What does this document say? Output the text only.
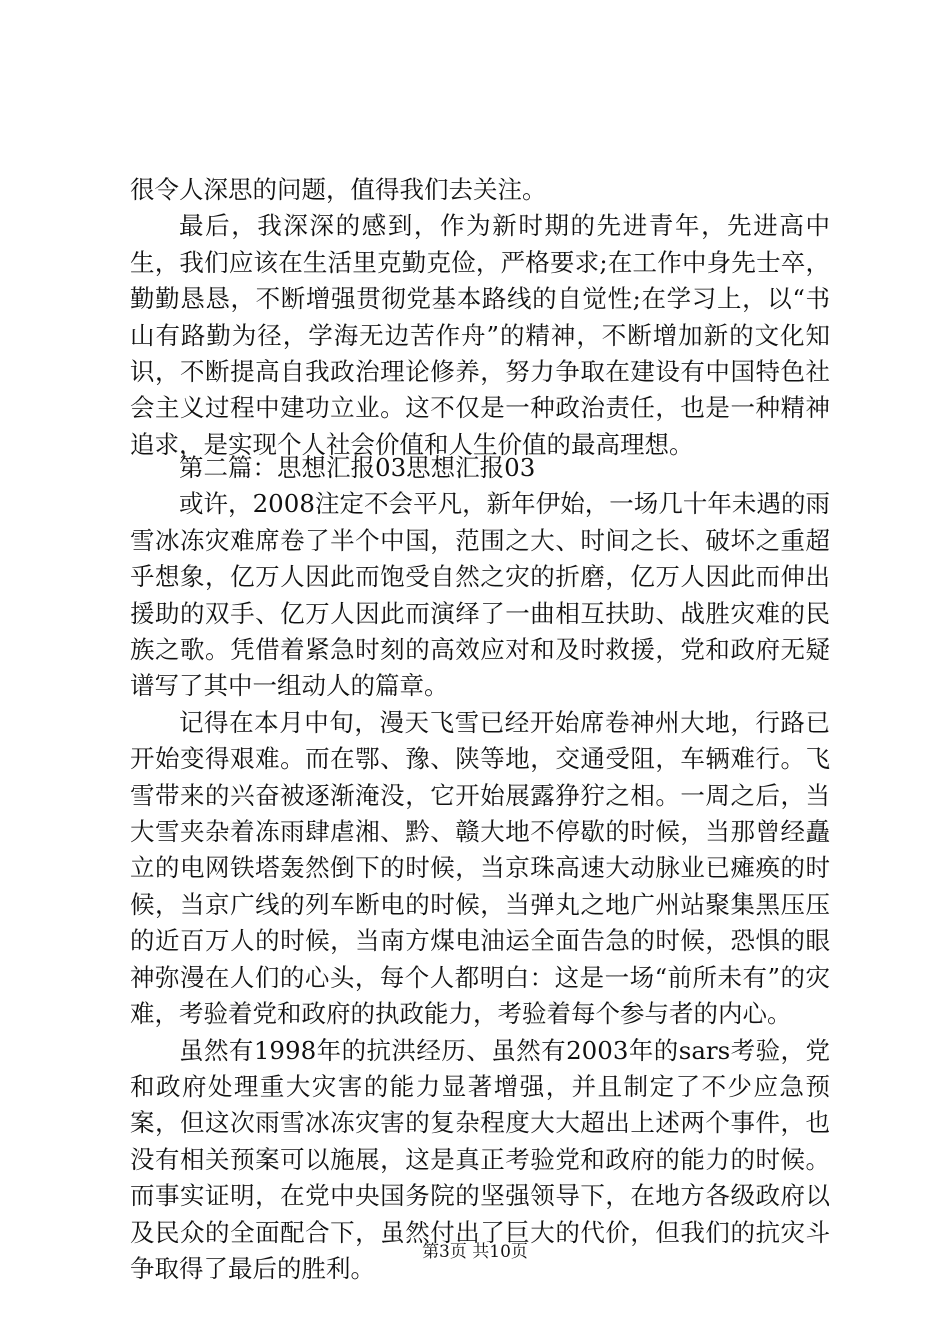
很令人深思的问题，值得我们去关注。

最后，我深深的感到，作为新时期的先进青年，先进高中生，我们应该在生活里克勤克俭，严格要求;在工作中身先士卒，勤勤恳恳，不断增强贯彻党基本路线的自觉性;在学习上，以“书山有路勤为径，学海无边苦作舟”的精神，不断增加新的文化知识，不断提高自我政治理论修养，努力争取在建设有中国特色社会主义过程中建功立业。这不仅是一种政治责任，也是一种精神追求，是实现个人社会价值和人生价值的最高理想。

第二篇：思想汇报03思想汇报03

或许，2008注定不会平凡，新年伊始，一场几十年未遇的雨雪冰冻灾难席卷了半个中国，范围之大、时间之长、破坏之重超乎想象，亿万人因此而饱受自然之灾的折磨，亿万人因此而伸出援助的双手、亿万人因此而演绎了一曲相互扶助、战胜灾难的民族之歌。凭借着紧急时刻的高效应对和及时救援，党和政府无疑谱写了其中一组动人的篇章。

记得在本月中旬，漫天飞雪已经开始席卷神州大地，行路已开始变得艰难。而在鄂、豫、陕等地，交通受阻，车辆难行。飞雪带来的兴奋被逐渐淹没，它开始展露狰狞之相。一周之后，当大雪夹杂着冻雨肆虐湘、黔、赣大地不停歇的时候，当那曾经矗立的电网铁塔轰然倒下的时候，当京珠高速大动脉业已瘫痪的时候，当京广线的列车断电的时候，当弹丸之地广州站聚集黑压压的近百万人的时候，当南方煤电油运全面告急的时候，恐惧的眼神弥漫在人们的心头，每个人都明白：这是一场“前所未有”的灾难，考验着党和政府的执政能力，考验着每个参与者的内心。

虽然有1998年的抗洪经历、虽然有2003年的sars考验，党和政府处理重大灾害的能力显著增强，并且制定了不少应急预案，但这次雨雪冰冻灾害的复杂程度大大超出上述两个事件，也没有相关预案可以施展，这是真正考验党和政府的能力的时候。而事实证明，在党中央国务院的坚强领导下，在地方各级政府以及民众的全面配合下，虽然付出了巨大的代价，但我们的抗灾斗争取得了最后的胜利。

第3页 共10页
